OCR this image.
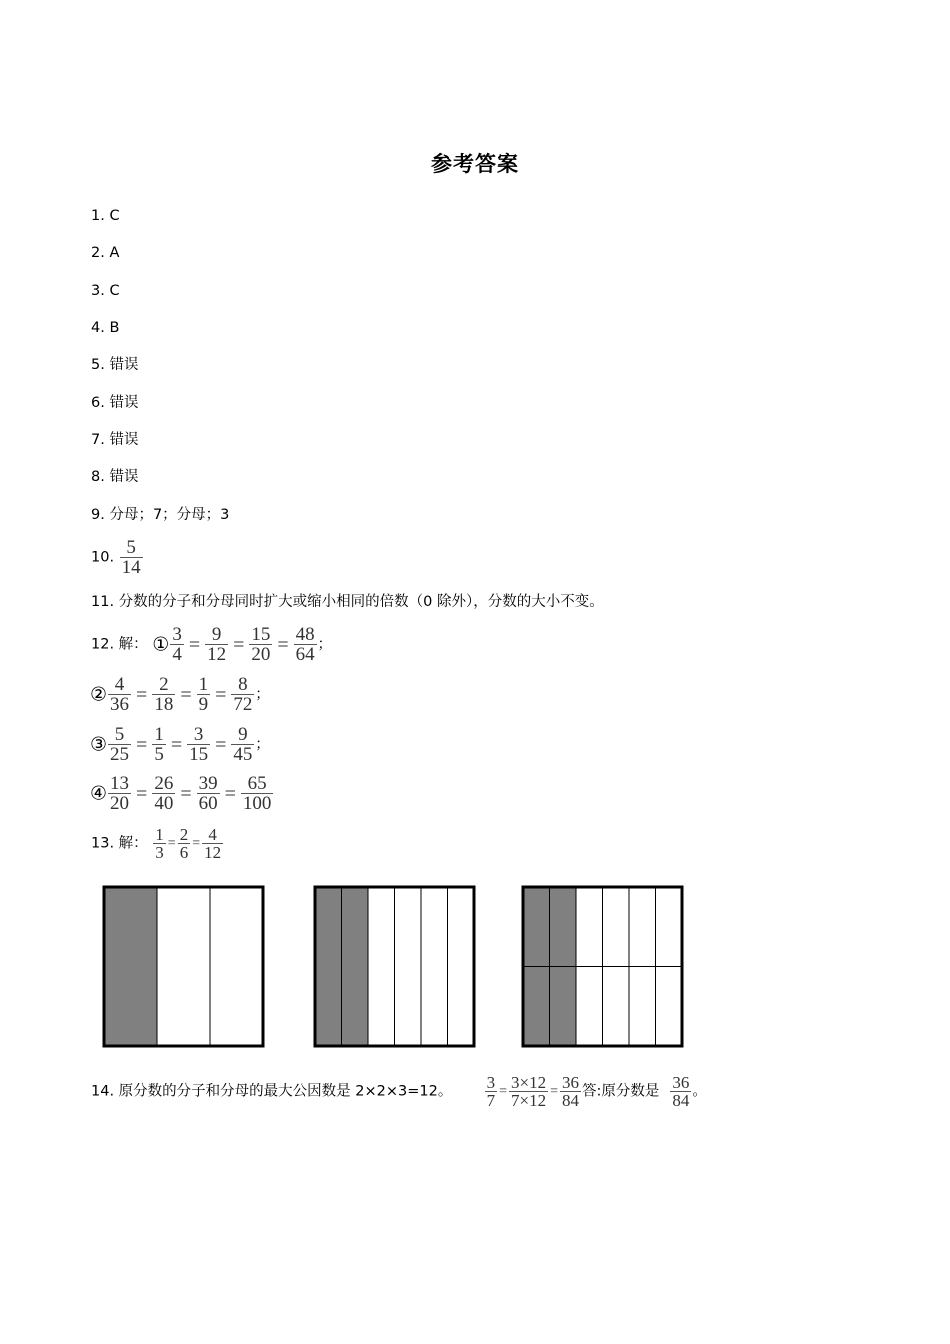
参考答案
1. C
2. A
3. C
4. B
5. 错误
6. 错误
7. 错误
8. 错误
9. 分母；7；分母；3
10. $\frac{5}{14}$
11. 分数的分子和分母同时扩大或缩小相同的倍数（0 除外），分数的大小不变。
12. 解： ① $\frac{3}{4} = \frac{9}{12} = \frac{15}{20} = \frac{48}{64}$ ；
② $\frac{4}{36} = \frac{2}{18} = \frac{1}{9} = \frac{8}{72}$ ；
③ $\frac{5}{25} = \frac{1}{5} = \frac{3}{15} = \frac{9}{45}$ ；
④ $\frac{13}{20} = \frac{26}{40} = \frac{39}{60} = \frac{65}{100}$
13. 解： $\frac{1}{3} = \frac{2}{6} = \frac{4}{12}$
14. 原分数的分子和分母的最大公因数是 2×2×3=12。 $\frac{3}{7} = \frac{3\times 12}{7\times 12} = \frac{36}{84}$ 答:原分数是 $\frac{36}{84}$ 。
